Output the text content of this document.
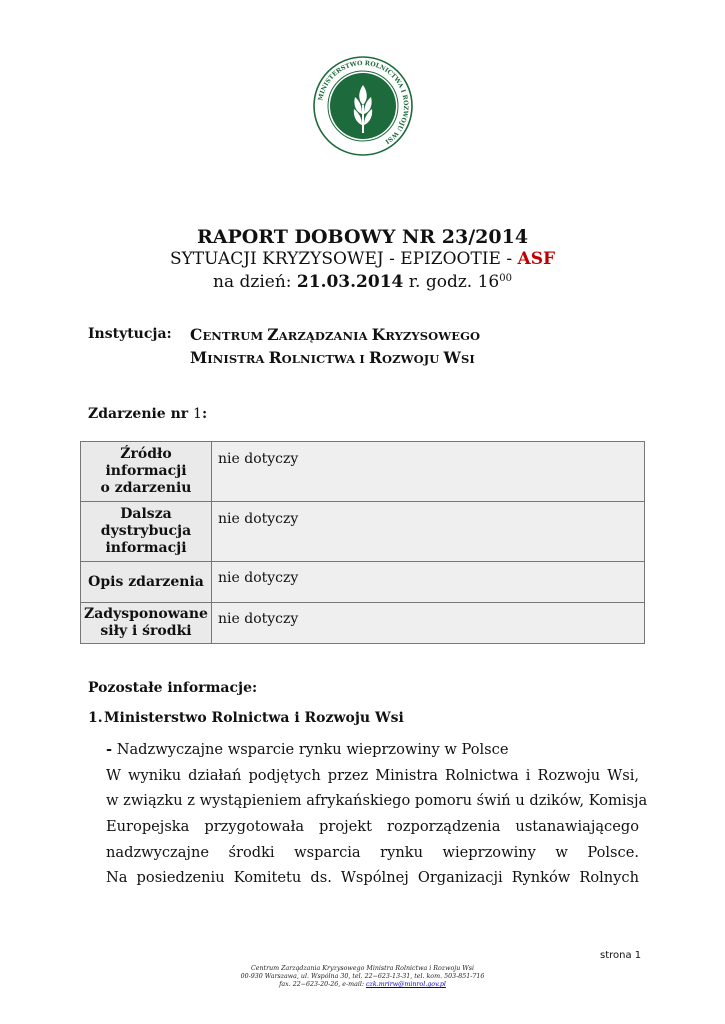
MINISTERSTWO ROLNICTWA I ROZWOJU WSI
RAPORT DOBOWY NR 23/2014
SYTUACJI KRYZYSOWEJ - EPIZOOTIE - ASF
na dzień: 21.03.2014 r. godz. $16^{00}$
Instytucja: CENTRUM ZARZĄDZANIA KRYZYSOWEGO
MINISTRA ROLNICTWA I ROZWOJU WSI
Zdarzenie nr 1:
Źródło
informacji
o zdarzeniu	nie dotyczy

Dalsza
dystrybucja
informacji	nie dotyczy

Opis zdarzenia	nie dotyczy

Zadysponowane
siły i środki	nie dotyczy
Pozostałe informacje:
1. Ministerstwo Rolnictwa i Rozwoju Wsi
- Nadzwyczajne wsparcie rynku wieprzowiny w Polsce
W wyniku działań podjętych przez Ministra Rolnictwa i Rozwoju Wsi,
w związku z wystąpieniem afrykańskiego pomoru świń u dzików, Komisja
Europejska przygotowała projekt rozporządzenia ustanawiającego
nadzwyczajne środki wsparcia rynku wieprzowiny w Polsce.
Na posiedzeniu Komitetu ds. Wspólnej Organizacji Rynków Rolnych
strona 1
Centrum Zarządzania Kryzysowego Ministra Rolnictwa i Rozwoju Wsi
00-930 Warszawa, ul. Wspólna 30, tel. 22−623-13-31, tel. kom. 503-851-716
fax. 22−623-20-26, e-mail: czk.mrirw@minrol.gov.pl
